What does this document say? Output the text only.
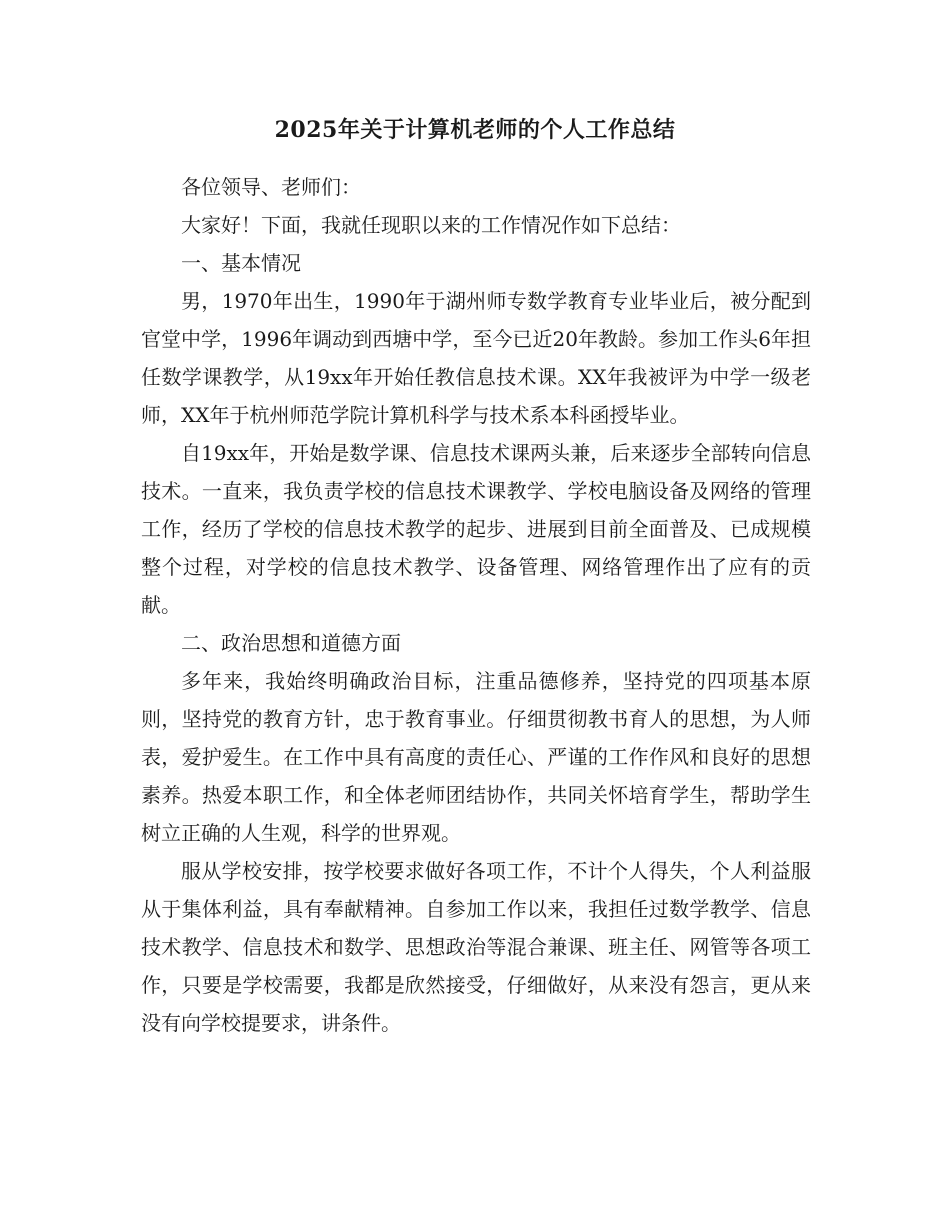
2025年关于计算机老师的个人工作总结

各位领导、老师们：

大家好！下面，我就任现职以来的工作情况作如下总结：

一、基本情况

男，1970年出生，1990年于湖州师专数学教育专业毕业后，被分配到官堂中学，1996年调动到西塘中学，至今已近20年教龄。参加工作头6年担任数学课教学，从19xx年开始任教信息技术课。XX年我被评为中学一级老师，XX年于杭州师范学院计算机科学与技术系本科函授毕业。

自19xx年，开始是数学课、信息技术课两头兼，后来逐步全部转向信息技术。一直来，我负责学校的信息技术课教学、学校电脑设备及网络的管理工作，经历了学校的信息技术教学的起步、进展到目前全面普及、已成规模整个过程，对学校的信息技术教学、设备管理、网络管理作出了应有的贡献。

二、政治思想和道德方面

多年来，我始终明确政治目标，注重品德修养，坚持党的四项基本原则，坚持党的教育方针，忠于教育事业。仔细贯彻教书育人的思想，为人师表，爱护爱生。在工作中具有高度的责任心、严谨的工作作风和良好的思想素养。热爱本职工作，和全体老师团结协作，共同关怀培育学生，帮助学生树立正确的人生观，科学的世界观。

服从学校安排，按学校要求做好各项工作，不计个人得失，个人利益服从于集体利益，具有奉献精神。自参加工作以来，我担任过数学教学、信息技术教学、信息技术和数学、思想政治等混合兼课、班主任、网管等各项工作，只要是学校需要，我都是欣然接受，仔细做好，从来没有怨言，更从来没有向学校提要求，讲条件。
